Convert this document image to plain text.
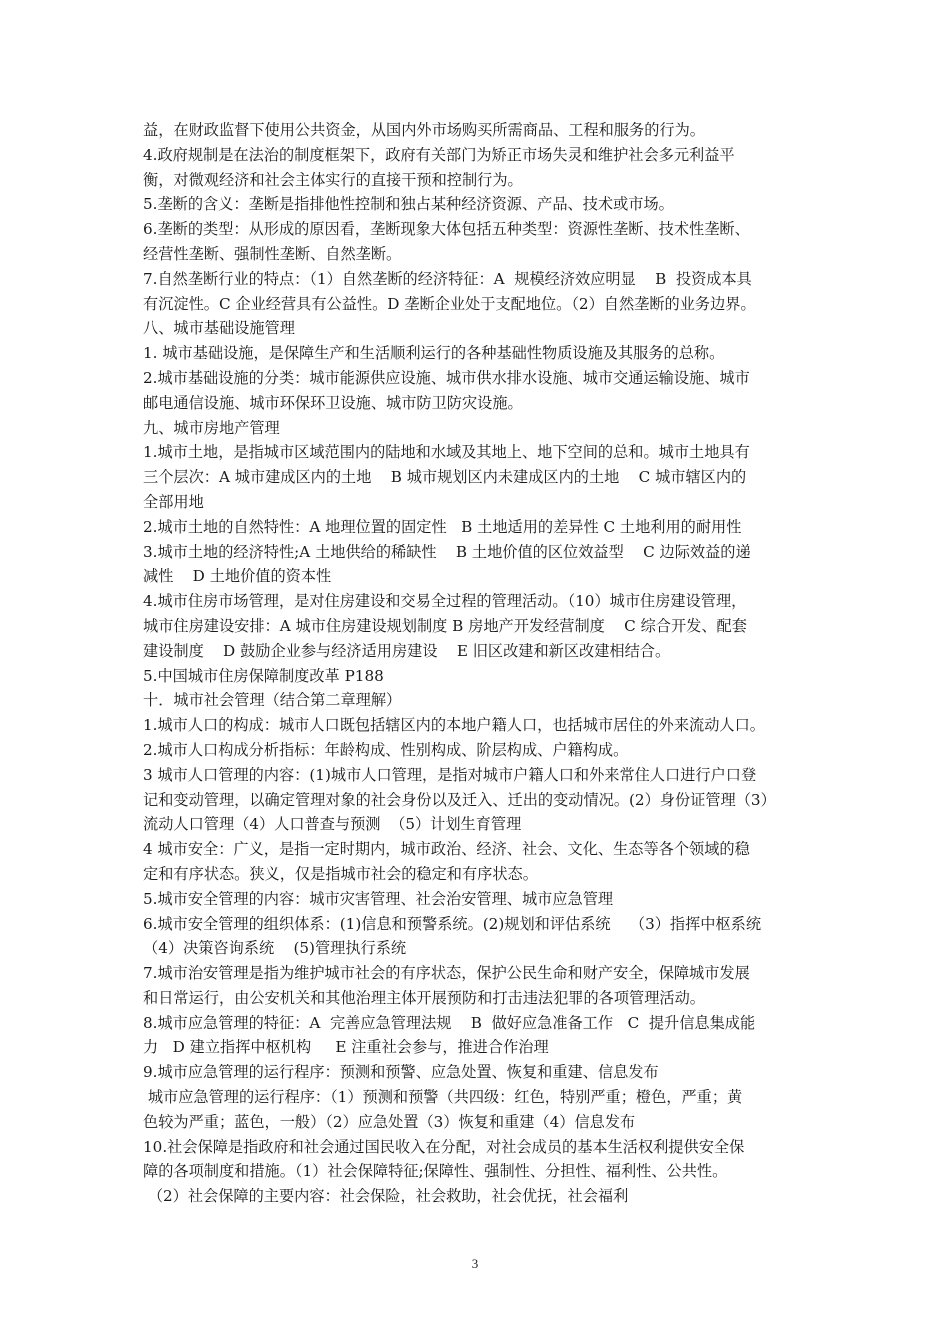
益，在财政监督下使用公共资金，从国内外市场购买所需商品、工程和服务的行为。
4.政府规制是在法治的制度框架下，政府有关部门为矫正市场失灵和维护社会多元利益平
衡，对微观经济和社会主体实行的直接干预和控制行为。
5.垄断的含义：垄断是指排他性控制和独占某种经济资源、产品、技术或市场。
6.垄断的类型：从形成的原因看，垄断现象大体包括五种类型：资源性垄断、技术性垄断、
经营性垄断、强制性垄断、自然垄断。
7.自然垄断行业的特点：（1）自然垄断的经济特征：A  规模经济效应明显    B  投资成本具
有沉淀性。C 企业经营具有公益性。D 垄断企业处于支配地位。（2）自然垄断的业务边界。
八、城市基础设施管理
1. 城市基础设施，是保障生产和生活顺利运行的各种基础性物质设施及其服务的总称。
2.城市基础设施的分类：城市能源供应设施、城市供水排水设施、城市交通运输设施、城市
邮电通信设施、城市环保环卫设施、城市防卫防灾设施。
九、城市房地产管理
1.城市土地，是指城市区域范围内的陆地和水域及其地上、地下空间的总和。城市土地具有
三个层次：A 城市建成区内的土地    B 城市规划区内未建成区内的土地    C 城市辖区内的
全部用地
2.城市土地的自然特性：A 地理位置的固定性   B 土地适用的差异性 C 土地利用的耐用性
3.城市土地的经济特性;A 土地供给的稀缺性    B 土地价值的区位效益型    C 边际效益的递
减性    D 土地价值的资本性
4.城市住房市场管理，是对住房建设和交易全过程的管理活动。（10）城市住房建设管理，
城市住房建设安排：A 城市住房建设规划制度 B 房地产开发经营制度    C 综合开发、配套
建设制度    D 鼓励企业参与经济适用房建设    E 旧区改建和新区改建相结合。
5.中国城市住房保障制度改革 P188
十．城市社会管理（结合第二章理解）
1.城市人口的构成：城市人口既包括辖区内的本地户籍人口，也括城市居住的外来流动人口。
2.城市人口构成分析指标：年龄构成、性别构成、阶层构成、户籍构成。
3 城市人口管理的内容：(1)城市人口管理，是指对城市户籍人口和外来常住人口进行户口登
记和变动管理，以确定管理对象的社会身份以及迁入、迁出的变动情况。(2）身份证管理（3）
流动人口管理（4）人口普查与预测  （5）计划生育管理
4 城市安全：广义，是指一定时期内，城市政治、经济、社会、文化、生态等各个领域的稳
定和有序状态。狭义，仅是指城市社会的稳定和有序状态。
5.城市安全管理的内容：城市灾害管理、社会治安管理、城市应急管理
6.城市安全管理的组织体系：(1)信息和预警系统。(2)规划和评估系统    （3）指挥中枢系统
（4）决策咨询系统    (5)管理执行系统
7.城市治安管理是指为维护城市社会的有序状态，保护公民生命和财产安全，保障城市发展
和日常运行，由公安机关和其他治理主体开展预防和打击违法犯罪的各项管理活动。
8.城市应急管理的特征：A  完善应急管理法规    B  做好应急准备工作   C  提升信息集成能
力   D 建立指挥中枢机构     E 注重社会参与，推进合作治理
9.城市应急管理的运行程序：预测和预警、应急处置、恢复和重建、信息发布
城市应急管理的运行程序：（1）预测和预警（共四级：红色，特别严重；橙色，严重；黄
色较为严重；蓝色，一般）（2）应急处置（3）恢复和重建（4）信息发布
10.社会保障是指政府和社会通过国民收入在分配，对社会成员的基本生活权利提供安全保
障的各项制度和措施。（1）社会保障特征;保障性、强制性、分担性、福利性、公共性。
（2）社会保障的主要内容：社会保险，社会救助，社会优抚，社会福利
3
